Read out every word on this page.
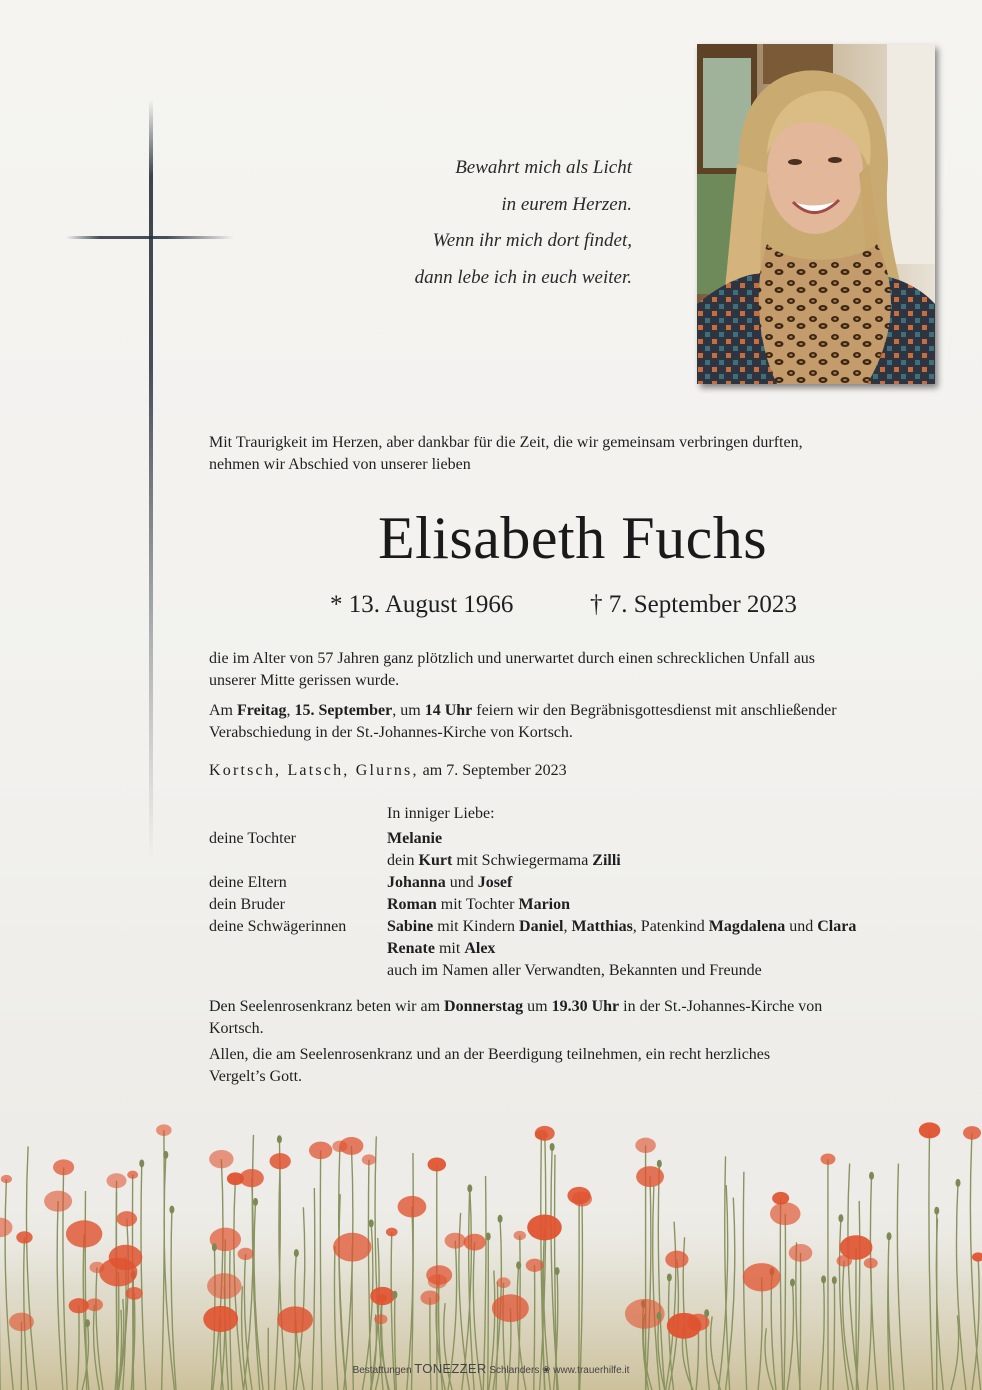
Bewahrt mich als Licht
in eurem Herzen.
Wenn ihr mich dort findet,
dann lebe ich in euch weiter.
Mit Traurigkeit im Herzen, aber dankbar für die Zeit, die wir gemeinsam verbringen durften,
nehmen wir Abschied von unserer lieben
Elisabeth Fuchs
* 13. August 1966	† 7. September 2023
die im Alter von 57 Jahren ganz plötzlich und unerwartet durch einen schrecklichen Unfall aus
unserer Mitte gerissen wurde.
Am Freitag, 15. September, um 14 Uhr feiern wir den Begräbnisgottesdienst mit anschließender
Verabschiedung in der St.-Johannes-Kirche von Kortsch.
Kortsch, Latsch, Glurns, am 7. September 2023
In inniger Liebe:
deine Tochter	Melanie
dein Kurt mit Schwiegermama Zilli
deine Eltern	Johanna und Josef
dein Bruder	Roman mit Tochter Marion
deine Schwägerinnen	Sabine mit Kindern Daniel, Matthias, Patenkind Magdalena und Clara
Renate mit Alex
auch im Namen aller Verwandten, Bekannten und Freunde
Den Seelenrosenkranz beten wir am Donnerstag um 19.30 Uhr in der St.-Johannes-Kirche von
Kortsch.
Allen, die am Seelenrosenkranz und an der Beerdigung teilnehmen, ein recht herzliches
Vergelt’s Gott.
Bestattungen TONEZZER Schlanders ❀ www.trauerhilfe.it
